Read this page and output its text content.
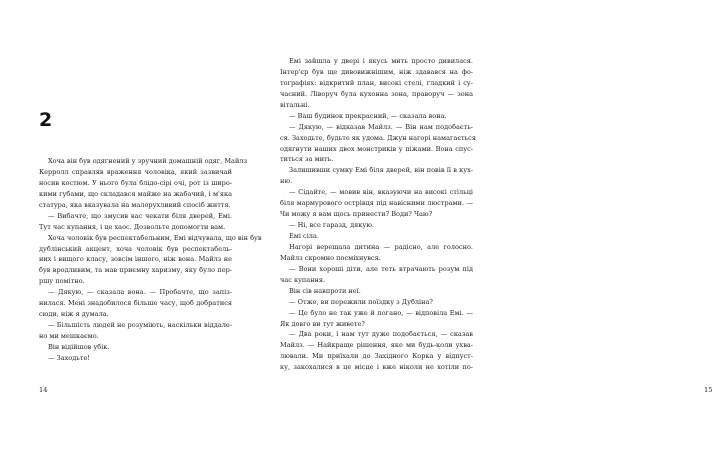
2
Хоча він був одягнений у зручний домашній одяг, Майлз
Керролл справляв враження чоловіка, який зазвичай
носив костюм. У нього була блідо-сірі очі, рот із широ-
кими губами, що складався майже на жабачий, і м'яка
статура, яка вказувала на малорухливий спосіб життя.
— Вибачте, що змусив вас чекати біля дверей, Емі.
Тут час купання, і це хаос. Дозвольте допомогти вам.
Хоча чоловік був респектабельним, Емі відчувала, що він був
дублінський акцент, хоча чоловік був респектабель-
них і вищого класу, зовсім іншого, ніж вона. Майлз не
був вродливим, та мав приємну харизму, яку було пер-
ршу помітно.
— Дякую, — сказала вона. — Пробачте, що запіз-
нилася. Мені знадобилося більше часу, щоб добратися
сюди, ніж я думала.
— Більшість людей не розуміють, наскільки віддале-
но ми мешкаємо.
Він відійшов убік.
— Заходьте!
14
Емі зайшла у двері і якусь мить просто дивилася.
Інтер'єр був ще дивовижнішим, ніж здавався на фо-
тографіях: відкритий план, високі стелі, гладкий і су-
часний. Ліворуч була кухонна зона, праворуч — зона
вітальні.
— Ваш будинок прекрасний, — сказала вона.
— Дякую, — відказав Майлз. — Він нам подобаєть-
ся. Заходьте, будьте як удома. Джун нагорі намагається
одягнути наших двох монстриків у піжами. Вона спус-
титься за мить.
Залишивши сумку Емі біля дверей, він повів її в кух-
ню.
— Сідайте, — мовив він, вказуючи на високі стільці
біля мармурового острівця під навісними люстрами. —
Чи можу я вам щось принести? Води? Чаю?
— Ні, все гаразд, дякую.
Емі сіла.
Нагорі верещала дитина — радісно, але голосно.
Майлз скромно посміхнувся.
— Вони хороші діти, але теть втрачають розум під
час купання.
Він сів навпроти неї.
— Отже, ви пережили поїздку з Дубліна?
— Це було не так уже й погано, — відповіла Емі. —
Як довго ви тут живете?
— Два роки, і нам тут дуже подобається, — сказав
Майлз. — Найкраще рішення, яке ми будь-коли ухва-
лювали. Ми приїхали до Західного Корка у відпуст-
ку, закохалися в це місце і вже ніколи не хотіли по-
15
